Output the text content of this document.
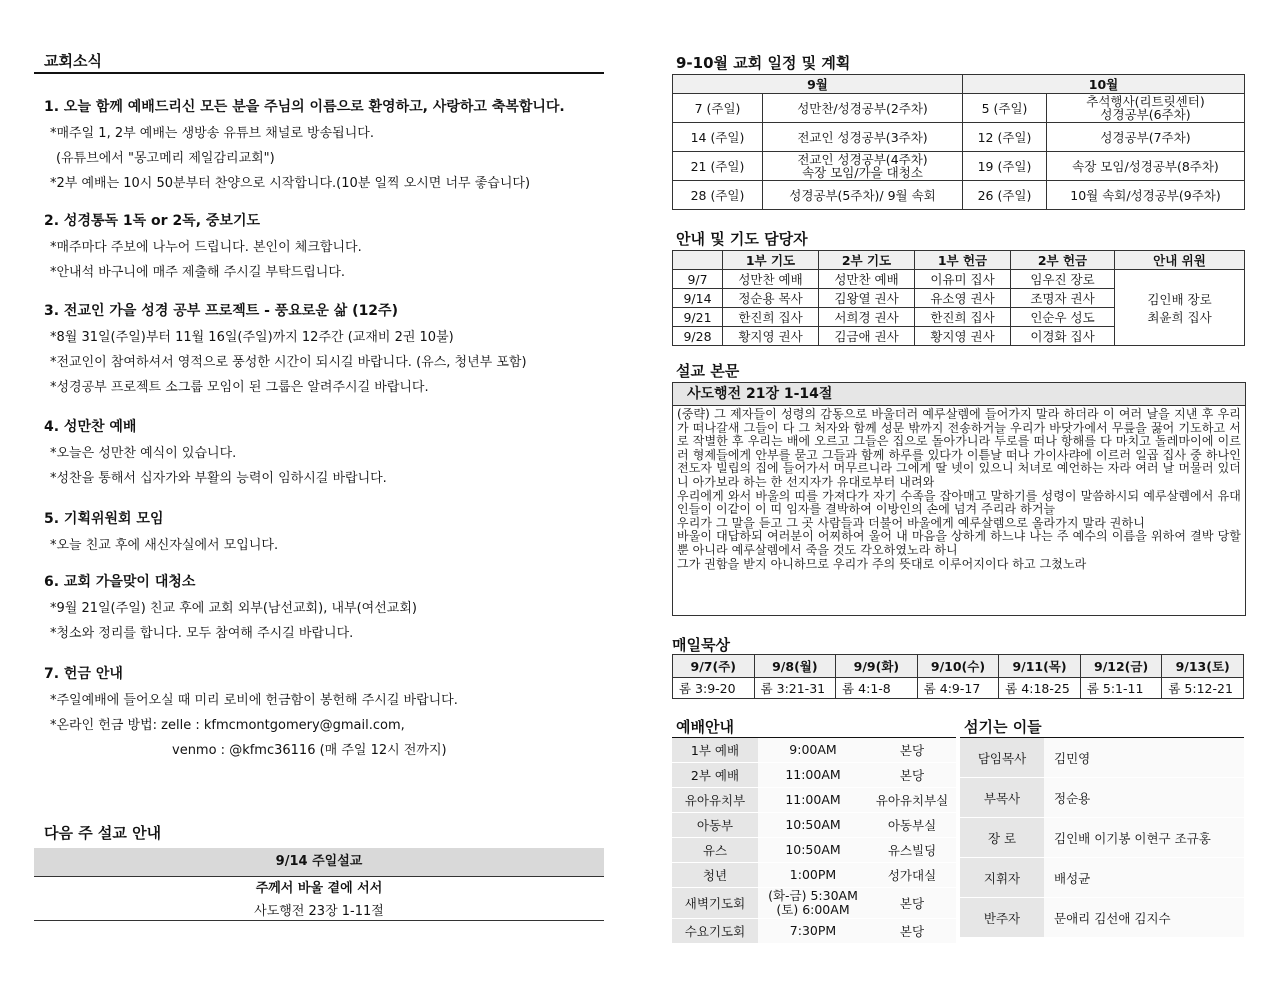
교회소식
1. 오늘 함께 예배드리신 모든 분을 주님의 이름으로 환영하고, 사랑하고 축복합니다.
*매주일 1, 2부 예배는 생방송 유튜브 채널로 방송됩니다.
(유튜브에서 "몽고메리 제일감리교회")
*2부 예배는 10시 50분부터 찬양으로 시작합니다.(10분 일찍 오시면 너무 좋습니다)
2. 성경통독 1독 or 2독, 중보기도
*매주마다 주보에 나누어 드립니다. 본인이 체크합니다.
*안내석 바구니에 매주 제출해 주시길 부탁드립니다.
3. 전교인 가을 성경 공부 프로젝트 - 풍요로운 삶 (12주)
*8월 31일(주일)부터 11월 16일(주일)까지 12주간 (교재비 2권 10불)
*전교인이 참여하셔서 영적으로 풍성한 시간이 되시길 바랍니다. (유스, 청년부 포함)
*성경공부 프로젝트 소그룹 모임이 된 그룹은 알려주시길 바랍니다.
4. 성만찬 예배
*오늘은 성만찬 예식이 있습니다.
*성찬을 통해서 십자가와 부활의 능력이 임하시길 바랍니다.
5. 기획위원회 모임
*오늘 친교 후에 새신자실에서 모입니다.
6. 교회 가을맞이 대청소
*9월 21일(주일) 친교 후에 교회 외부(남선교회), 내부(여선교회)
*청소와 정리를 합니다. 모두 참여해 주시길 바랍니다.
7. 헌금 안내
*주일예배에 들어오실 때 미리 로비에 헌금함이 봉헌해 주시길 바랍니다.
*온라인 헌금 방법: zelle : kfmcmontgomery@gmail.com,
venmo : @kfmc36116 (매 주일 12시 전까지)
다음 주 설교 안내
9/14 주일설교
주께서 바울 곁에 서서
사도행전 23장 1-11절
9-10월 교회 일정 및 계획
9월		10월	
7 (주일)	성만찬/성경공부(2주차)	5 (주일)	추석행사(리트릿센터)
성경공부(6주차)
14 (주일)	전교인 성경공부(3주차)	12 (주일)	성경공부(7주차)
21 (주일)	전교인 성경공부(4주차)
속장 모임/가을 대청소	19 (주일)	속장 모임/성경공부(8주차)
28 (주일)	성경공부(5주차)/ 9월 속회	26 (주일)	10월 속회/성경공부(9주차)
안내 및 기도 담당자
	1부 기도	2부 기도	1부 헌금	2부 헌금	안내 위원
9/7	성만찬 예배	성만찬 예배	이유미 집사	임우진 장로	김인배 장로
최윤희 집사

9/14	정순용 목사	김왕열 권사	유소영 권사	조명자 권사	
9/21	한진희 집사	서희경 권사	한진희 집사	인순우 성도	
9/28	황지영 권사	김금애 권사	황지영 권사	이경화 집사	
설교 본문
사도행전 21장 1-14절

(중략) 그 제자들이 성령의 감동으로 바울더러 예루살렘에 들어가지 말라 하더라 이 여러 날을 지낸 후 우리가 떠나갈새 그들이 다 그 처자와 함께 성문 밖까지 전송하거늘 우리가 바닷가에서 무릎을 꿇어 기도하고 서로 작별한 후 우리는 배에 오르고 그들은 집으로 돌아가니라 두로를 떠나 항해를 다 마치고 돌레마이에 이르러 형제들에게 안부를 묻고 그들과 함께 하루를 있다가 이튿날 떠나 가이사랴에 이르러 일곱 집사 중 하나인 전도자 빌립의 집에 들어가서 머무르니라 그에게 딸 넷이 있으니 처녀로 예언하는 자라 여러 날 머물러 있더니 아가보라 하는 한 선지자가 유대로부터 내려와

우리에게 와서 바울의 띠를 가져다가 자기 수족을 잡아매고 말하기를 성령이 말씀하시되 예루살렘에서 유대인들이 이같이 이 띠 임자를 결박하여 이방인의 손에 넘겨 주리라 하거늘

우리가 그 말을 듣고 그 곳 사람들과 더불어 바울에게 예루살렘으로 올라가지 말라 권하니

바울이 대답하되 여러분이 어찌하여 울어 내 마음을 상하게 하느냐 나는 주 예수의 이름을 위하여 결박 당할 뿐 아니라 예루살렘에서 죽을 것도 각오하였노라 하니

그가 권함을 받지 아니하므로 우리가 주의 뜻대로 이루어지이다 하고 그쳤노라

매일묵상
9/7(주)	9/8(월)	9/9(화)	9/10(수)	9/11(목)	9/12(금)	9/13(토)
롬 3:9-20	롬 3:21-31	롬 4:1-8	롬 4:9-17	롬 4:18-25	롬 5:1-11	롬 5:12-21
예배안내
1부 예배	9:00AM	본당
2부 예배	11:00AM	본당
유아유치부	11:00AM	유아유치부실
아동부	10:50AM	아동부실
유스	10:50AM	유스빌딩
청년	1:00PM	성가대실
새벽기도회	(화-금) 5:30AM
(토) 6:00AM	본당
수요기도회	7:30PM	본당
섬기는 이들
담임목사	김민영
부목사	정순용
장 로	김인배 이기봉 이현구 조규홍
지휘자	배성균
반주자	문애리 김선애 김지수
